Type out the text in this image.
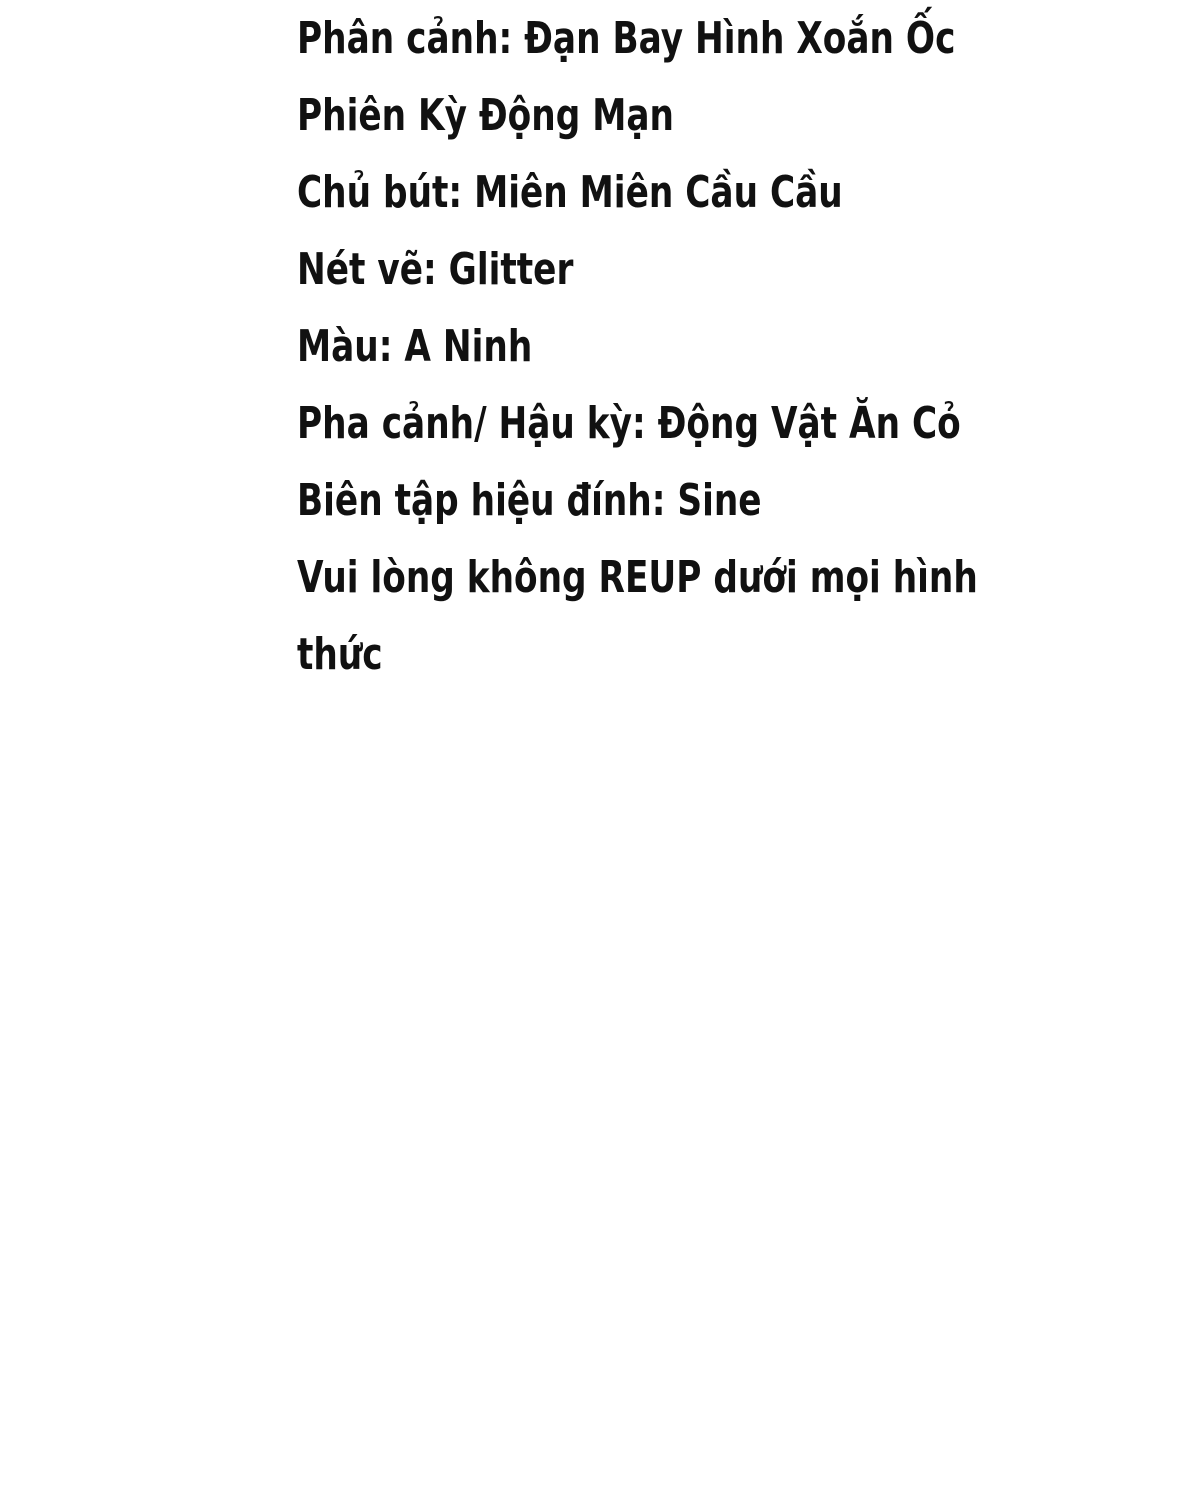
Phân cảnh: Đạn Bay Hình Xoắn Ốc
Phiên Kỳ Động Mạn
Chủ bút: Miên Miên Cầu Cầu
Nét vẽ: Glitter
Màu: A Ninh
Pha cảnh/ Hậu kỳ: Động Vật Ăn Cỏ
Biên tập hiệu đính: Sine
Vui lòng không REUP dưới mọi hình thức
